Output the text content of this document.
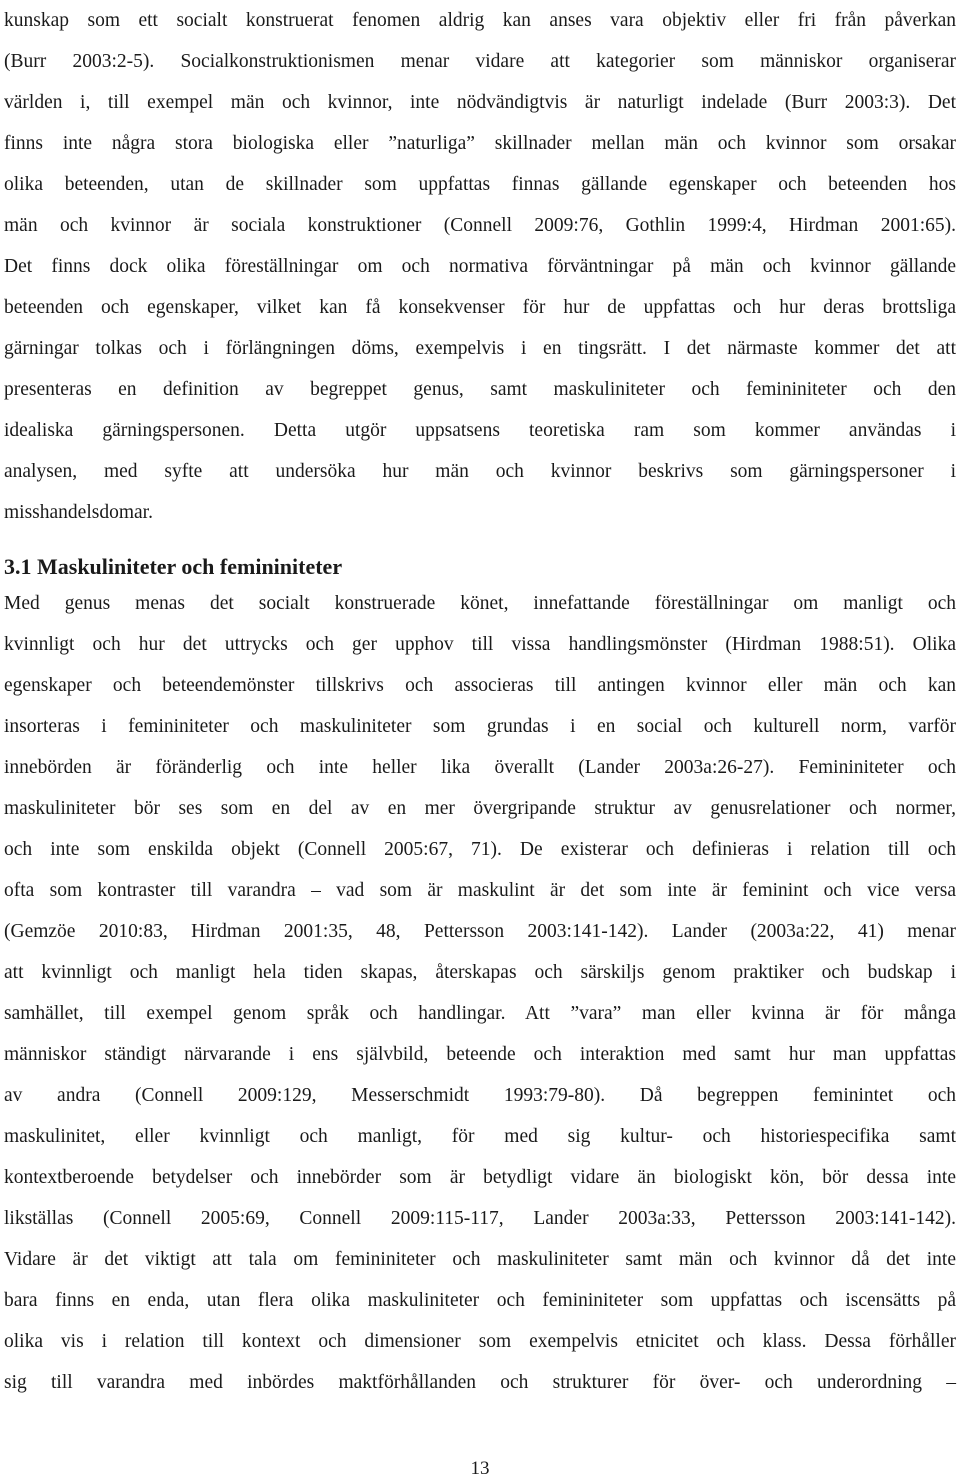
kunskap som ett socialt konstruerat fenomen aldrig kan anses vara objektiv eller fri från påverkan
(Burr 2003:2-5). Socialkonstruktionismen menar vidare att kategorier som människor organiserar
världen i, till exempel män och kvinnor, inte nödvändigtvis är naturligt indelade (Burr 2003:3). Det
finns inte några stora biologiska eller ”naturliga” skillnader mellan män och kvinnor som orsakar
olika beteenden, utan de skillnader som uppfattas finnas gällande egenskaper och beteenden hos
män och kvinnor är sociala konstruktioner (Connell 2009:76, Gothlin 1999:4, Hirdman 2001:65).
Det finns dock olika föreställningar om och normativa förväntningar på män och kvinnor gällande
beteenden och egenskaper, vilket kan få konsekvenser för hur de uppfattas och hur deras brottsliga
gärningar tolkas och i förlängningen döms, exempelvis i en tingsrätt. I det närmaste kommer det att
presenteras en definition av begreppet genus, samt maskuliniteter och femininiteter och den
idealiska gärningspersonen. Detta utgör uppsatsens teoretiska ram som kommer användas i
analysen, med syfte att undersöka hur män och kvinnor beskrivs som gärningspersoner i
misshandelsdomar.
3.1 Maskuliniteter och femininiteter
Med genus menas det socialt konstruerade könet, innefattande föreställningar om manligt och
kvinnligt och hur det uttrycks och ger upphov till vissa handlingsmönster (Hirdman 1988:51). Olika
egenskaper och beteendemönster tillskrivs och associeras till antingen kvinnor eller män och kan
insorteras i femininiteter och maskuliniteter som grundas i en social och kulturell norm, varför
innebörden är föränderlig och inte heller lika överallt (Lander 2003a:26-27). Femininiteter och
maskuliniteter bör ses som en del av en mer övergripande struktur av genusrelationer och normer,
och inte som enskilda objekt (Connell 2005:67, 71). De existerar och definieras i relation till och
ofta som kontraster till varandra – vad som är maskulint är det som inte är feminint och vice versa
(Gemzöe 2010:83, Hirdman 2001:35, 48, Pettersson 2003:141-142). Lander (2003a:22, 41) menar
att kvinnligt och manligt hela tiden skapas, återskapas och särskiljs genom praktiker och budskap i
samhället, till exempel genom språk och handlingar. Att ”vara” man eller kvinna är för många
människor ständigt närvarande i ens självbild, beteende och interaktion med samt hur man uppfattas
av andra (Connell 2009:129, Messerschmidt 1993:79-80). Då begreppen feminintet och
maskulinitet, eller kvinnligt och manligt, för med sig kultur- och historiespecifika samt
kontextberoende betydelser och innebörder som är betydligt vidare än biologiskt kön, bör dessa inte
likställas (Connell 2005:69, Connell 2009:115-117, Lander 2003a:33, Pettersson 2003:141-142).
Vidare är det viktigt att tala om femininiteter och maskuliniteter samt män och kvinnor då det inte
bara finns en enda, utan flera olika maskuliniteter och femininiteter som uppfattas och iscensätts på
olika vis i relation till kontext och dimensioner som exempelvis etnicitet och klass. Dessa förhåller
sig till varandra med inbördes maktförhållanden och strukturer för över- och underordning –
13
